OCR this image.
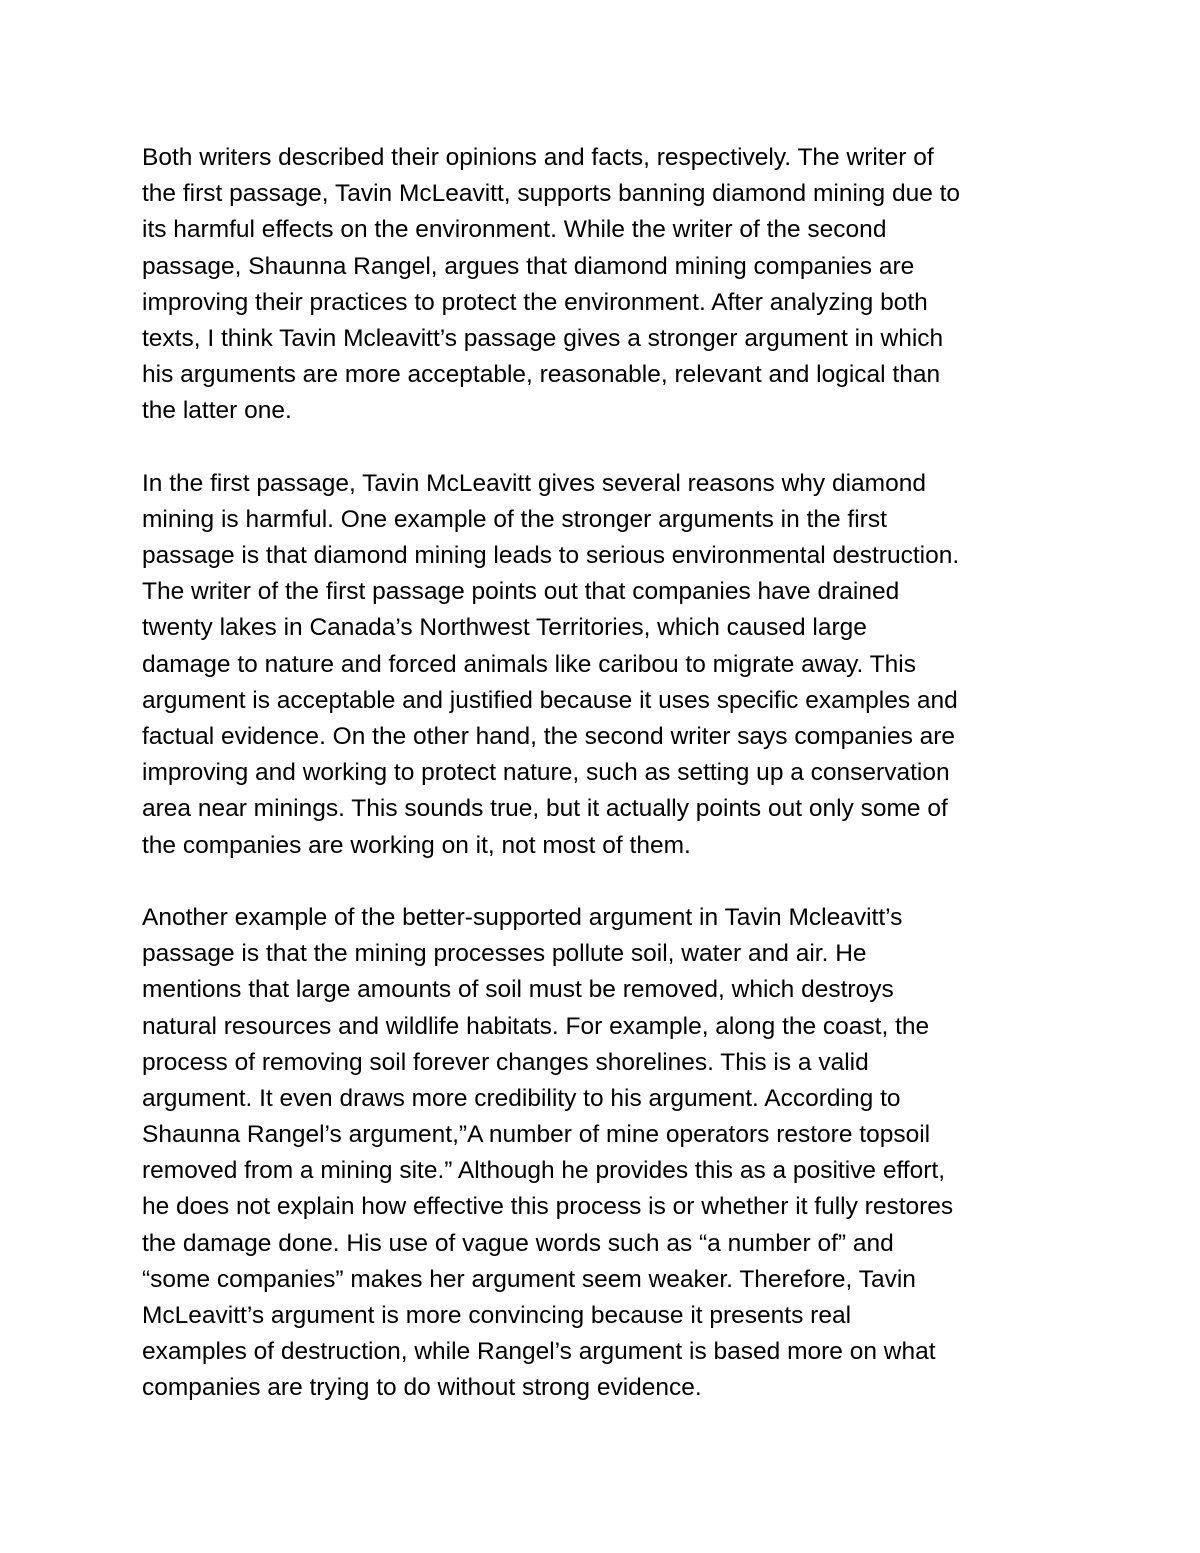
Both writers described their opinions and facts, respectively. The writer of
the first passage, Tavin McLeavitt, supports banning diamond mining due to
its harmful effects on the environment. While the writer of the second
passage, Shaunna Rangel, argues that diamond mining companies are
improving their practices to protect the environment. After analyzing both
texts, I think Tavin Mcleavitt’s passage gives a stronger argument in which
his arguments are more acceptable, reasonable, relevant and logical than
the latter one.

In the first passage, Tavin McLeavitt gives several reasons why diamond
mining is harmful. One example of the stronger arguments in the first
passage is that diamond mining leads to serious environmental destruction.
The writer of the first passage points out that companies have drained
twenty lakes in Canada’s Northwest Territories, which caused large
damage to nature and forced animals like caribou to migrate away. This
argument is acceptable and justified because it uses specific examples and
factual evidence. On the other hand, the second writer says companies are
improving and working to protect nature, such as setting up a conservation
area near minings. This sounds true, but it actually points out only some of
the companies are working on it, not most of them.

Another example of the better-supported argument in Tavin Mcleavitt’s
passage is that the mining processes pollute soil, water and air. He
mentions that large amounts of soil must be removed, which destroys
natural resources and wildlife habitats. For example, along the coast, the
process of removing soil forever changes shorelines. This is a valid
argument. It even draws more credibility to his argument. According to
Shaunna Rangel’s argument,”A number of mine operators restore topsoil
removed from a mining site.” Although he provides this as a positive effort,
he does not explain how effective this process is or whether it fully restores
the damage done. His use of vague words such as “a number of” and
“some companies” makes her argument seem weaker. Therefore, Tavin
McLeavitt’s argument is more convincing because it presents real
examples of destruction, while Rangel’s argument is based more on what
companies are trying to do without strong evidence.
